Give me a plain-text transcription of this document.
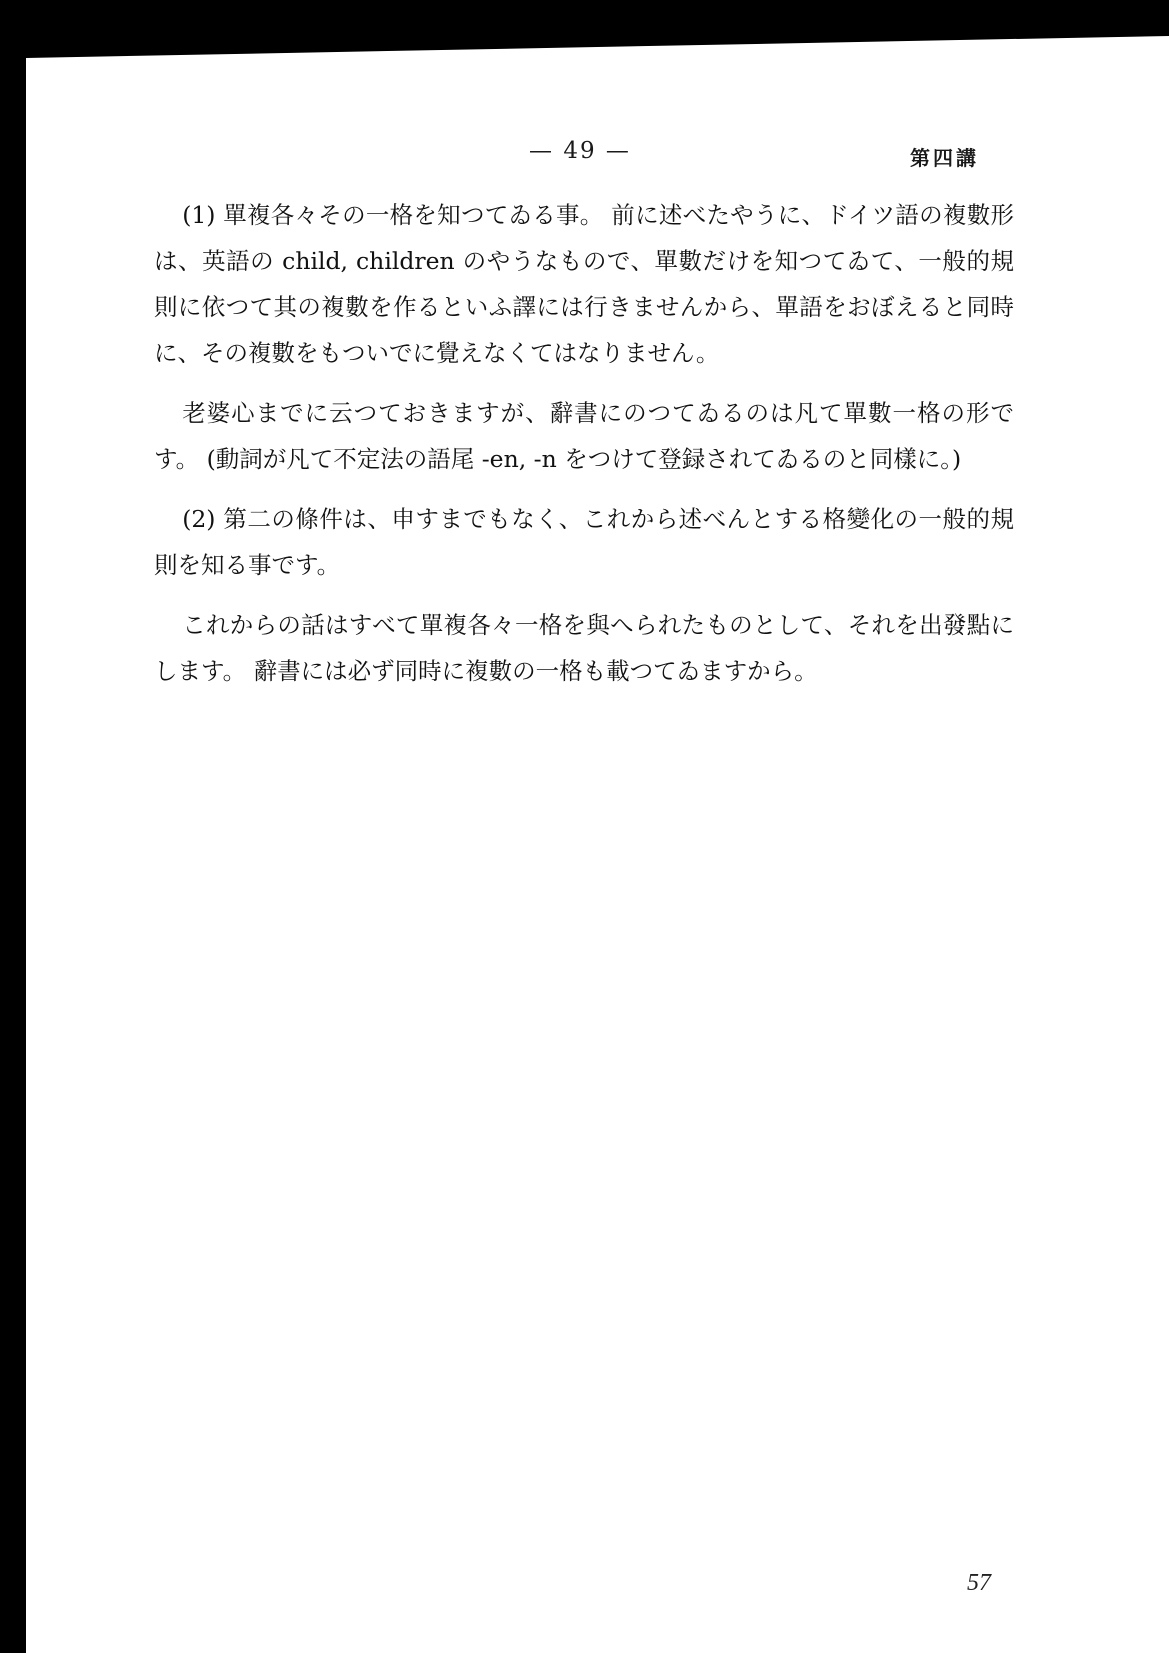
— 49 —	第四講

(1) 單複各々その一格を知つてゐる事。 前に述べたやうに、ドイツ語の複數形は、英語の child, children のやうなもので、單數だけを知つてゐて、一般的規則に依つて其の複數を作るといふ譯には行きませんから、單語をおぼえると同時に、その複數をもついでに覺えなくてはなりません。

老婆心までに云つておきますが、辭書にのつてゐるのは凡て單數一格の形です。 (動詞が凡て不定法の語尾 -en, -n をつけて登録されてゐるのと同樣に。)

(2) 第二の條件は、申すまでもなく、これから述べんとする格變化の一般的規則を知る事です。

これからの話はすべて單複各々一格を與へられたものとして、それを出發點にします。 辭書には必ず同時に複數の一格も載つてゐますから。

57
